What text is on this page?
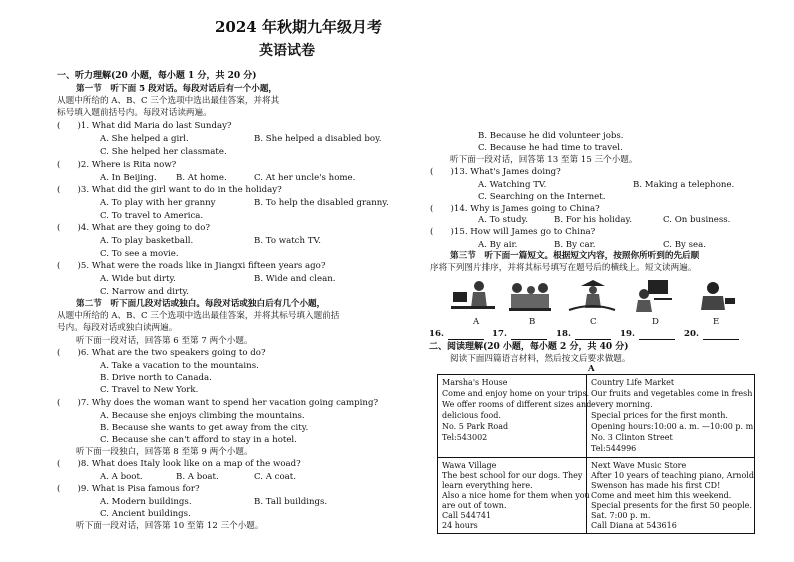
2024 年秋期九年级月考
英语试卷
一、听力理解(20 小题，每小题 1 分，共 20 分)
第一节　听下面 5 段对话。每段对话后有一个小题，
从题中所给的 A、B、C 三个选项中选出最佳答案，并将其
标号填入题前括号内。每段对话读两遍。
(　　)1. What did Maria do last Sunday?
A. She helped a girl.	B. She helped a disabled boy.
C. She helped her classmate.
(　　)2. Where is Rita now?
A. In Beijing. B. At home.	C. At her uncle's home.
(　　)3. What did the girl want to do in the holiday?
A. To play with her granny	B. To help the disabled granny.
C. To travel to America.
(　　)4. What are they going to do?
A. To play basketball.	B. To watch TV.
C. To see a movie.
(　　)5. What were the roads like in Jiangxi fifteen years ago?
A. Wide but dirty.	B. Wide and clean.
C. Narrow and dirty.
第二节　听下面几段对话或独白。每段对话或独白后有几个小题，
从题中所给的 A、B、C 三个选项中选出最佳答案，并将其标号填入题前括
号内。每段对话或独白读两遍。
听下面一段对话，回答第 6 至第 7 两个小题。
(　　)6. What are the two speakers going to do?
A. Take a vacation to the mountains.
B. Drive north to Canada.
C. Travel to New York.
(　　)7. Why does the woman want to spend her vacation going camping?
A. Because she enjoys climbing the mountains.
B. Because she wants to get away from the city.
C. Because she can't afford to stay in a hotel.
听下面一段独白，回答第 8 至第 9 两个小题。
(　　)8. What does Italy look like on a map of the woad?
A. A boot.	B. A boat.	C. A coat.
(　　)9. What is Pisa famous for?
A. Modern buildings.	B. Tall buildings.
C. Ancient buildings.
听下面一段对话，回答第 10 至第 12 三个小题。
B. Because he did volunteer jobs.
C. Because he had time to travel.
听下面一段对话，回答第 13 至第 15 三个小题。
(　　)13. What's James doing?
A. Watching TV.	B. Making a telephone.
C. Searching on the Internet.
(　　)14. Why is James going to China?
A. To study.	B. For his holiday.	C. On business.
(　　)15. How will James go to China?
A. By air.	B. By car.	C. By sea.
第三节　听下面一篇短文。根据短文内容，按照你所听到的先后顺
序将下列图片排序，并将其标号填写在题号后的横线上。短文读两遍。
A	B	C	D	E
16.	17.	18.	19.	20.
二、阅读理解(20 小题，每小题 2 分，共 40 分)
阅读下面四篇语言材料，然后按文后要求做题。
A
Marsha's House
Come and enjoy home on your trips.
We offer rooms of different sizes and
delicious food.
No. 5 Park Road
Tel:543002
Country Life Market
Our fruits and vegetables come in fresh
every morning.
Special prices for the first month.
Opening hours:10:00 a. m. —10:00 p. m.
No. 3 Clinton Street
Tel:544996
Wawa Village
The best school for our dogs. They
learn everything here.
Also a nice home for them when you
are out of town.
Call 544741
24 hours
Next Wave Music Store
After 10 years of teaching piano, Arnold
Swenson has made his first CD!
Come and meet him this weekend.
Special presents for the first 50 people.
Sat. 7:00 p. m.
Call Diana at 543616
